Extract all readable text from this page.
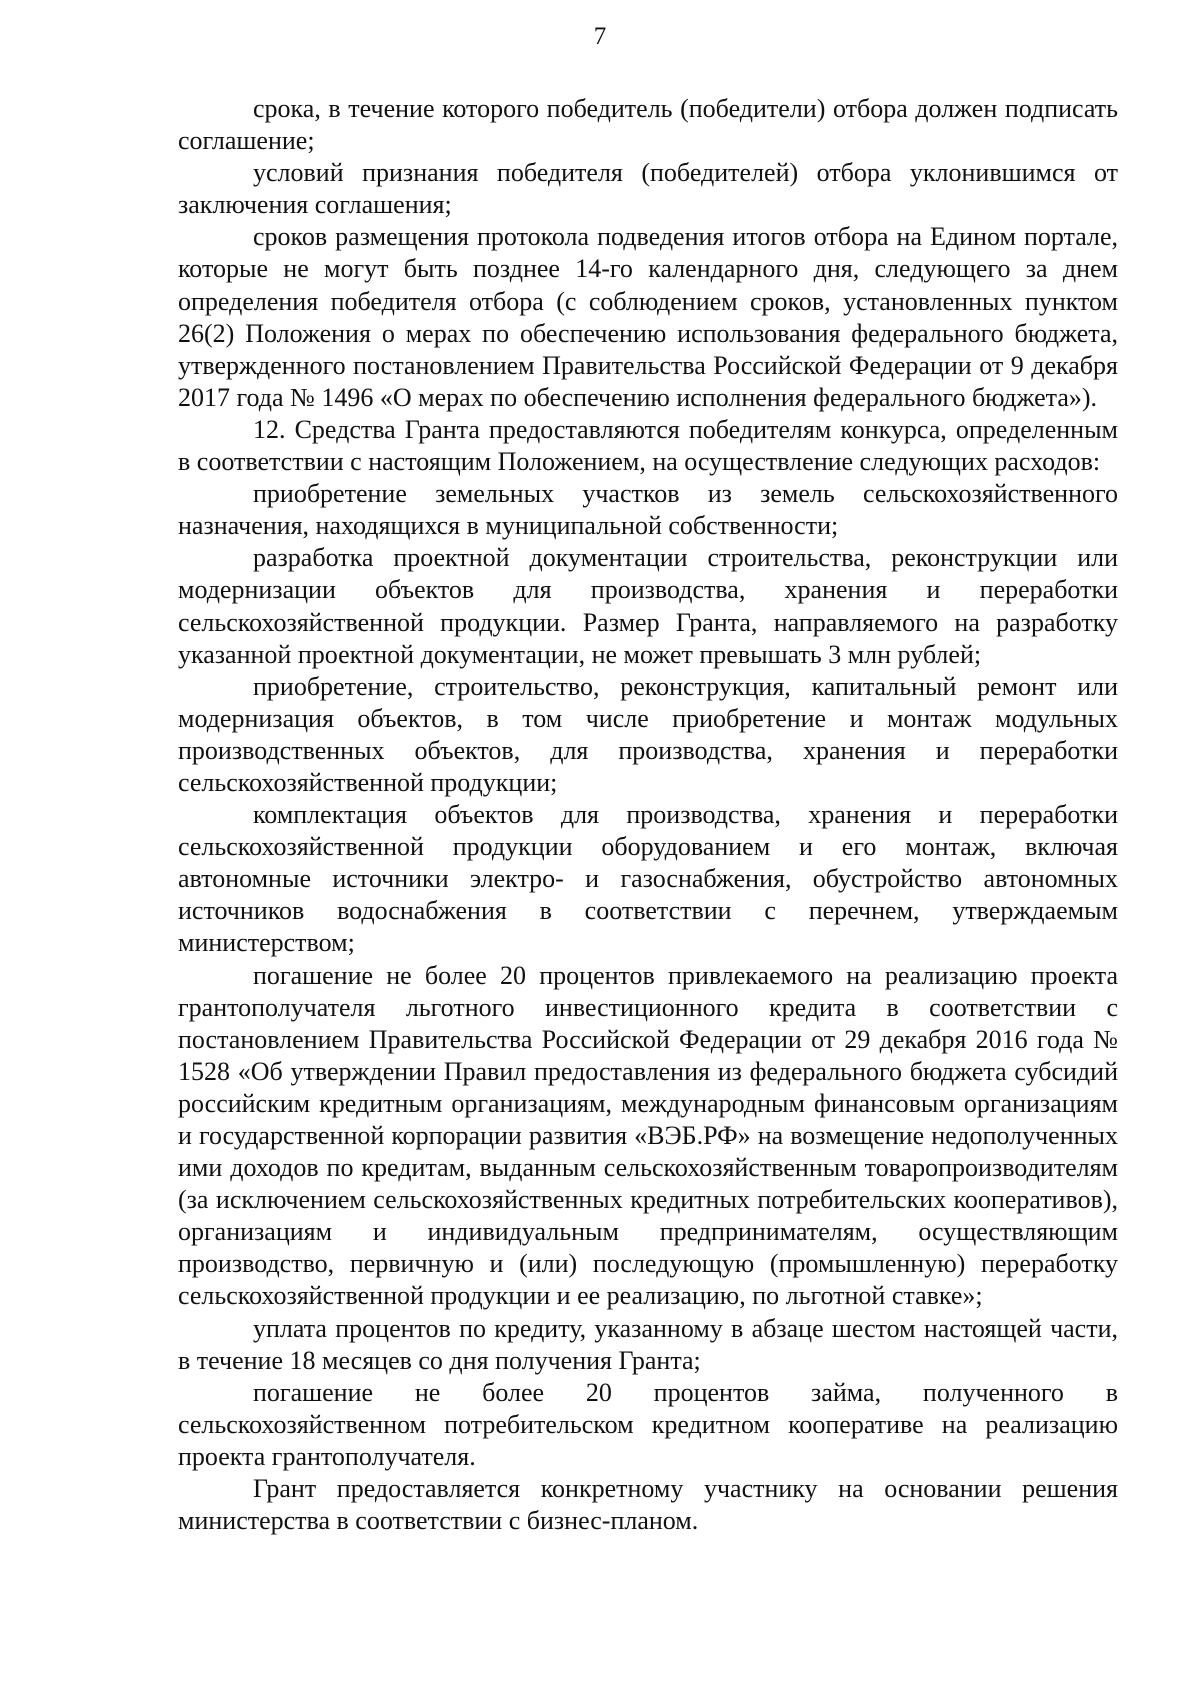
7

срока, в течение которого победитель (победители) отбора должен подписать соглашение;

условий признания победителя (победителей) отбора уклонившимся от заключения соглашения;

сроков размещения протокола подведения итогов отбора на Едином портале, которые не могут быть позднее 14-го календарного дня, следующего за днем определения победителя отбора (с соблюдением сроков, установленных пунктом 26(2) Положения о мерах по обеспечению использования федерального бюджета, утвержденного постановлением Правительства Российской Федерации от 9 декабря 2017 года № 1496 «О мерах по обеспечению исполнения федерального бюджета»).

12. Средства Гранта предоставляются победителям конкурса, определенным в соответствии с настоящим Положением, на осуществление следующих расходов:

приобретение земельных участков из земель сельскохозяйственного назначения, находящихся в муниципальной собственности;

разработка проектной документации строительства, реконструкции или модернизации объектов для производства, хранения и переработки сельскохозяйственной продукции. Размер Гранта, направляемого на разработку указанной проектной документации, не может превышать 3 млн рублей;

приобретение, строительство, реконструкция, капитальный ремонт или модернизация объектов, в том числе приобретение и монтаж модульных производственных объектов, для производства, хранения и переработки сельскохозяйственной продукции;

комплектация объектов для производства, хранения и переработки сельскохозяйственной продукции оборудованием и его монтаж, включая автономные источники электро- и газоснабжения, обустройство автономных источников водоснабжения в соответствии с перечнем, утверждаемым министерством;

погашение не более 20 процентов привлекаемого на реализацию проекта грантополучателя льготного инвестиционного кредита в соответствии с постановлением Правительства Российской Федерации от 29 декабря 2016 года № 1528 «Об утверждении Правил предоставления из федерального бюджета субсидий российским кредитным организациям, международным финансовым организациям и государственной корпорации развития «ВЭБ.РФ» на возмещение недополученных ими доходов по кредитам, выданным сельскохозяйственным товаропроизводителям (за исключением сельскохозяйственных кредитных потребительских кооперативов), организациям и индивидуальным предпринимателям, осуществляющим производство, первичную и (или) последующую (промышленную) переработку сельскохозяйственной продукции и ее реализацию, по льготной ставке»;

уплата процентов по кредиту, указанному в абзаце шестом настоящей части, в течение 18 месяцев со дня получения Гранта;

погашение не более 20 процентов займа, полученного в сельскохозяйственном потребительском кредитном кооперативе на реализацию проекта грантополучателя.

Грант предоставляется конкретному участнику на основании решения министерства в соответствии с бизнес-планом.
